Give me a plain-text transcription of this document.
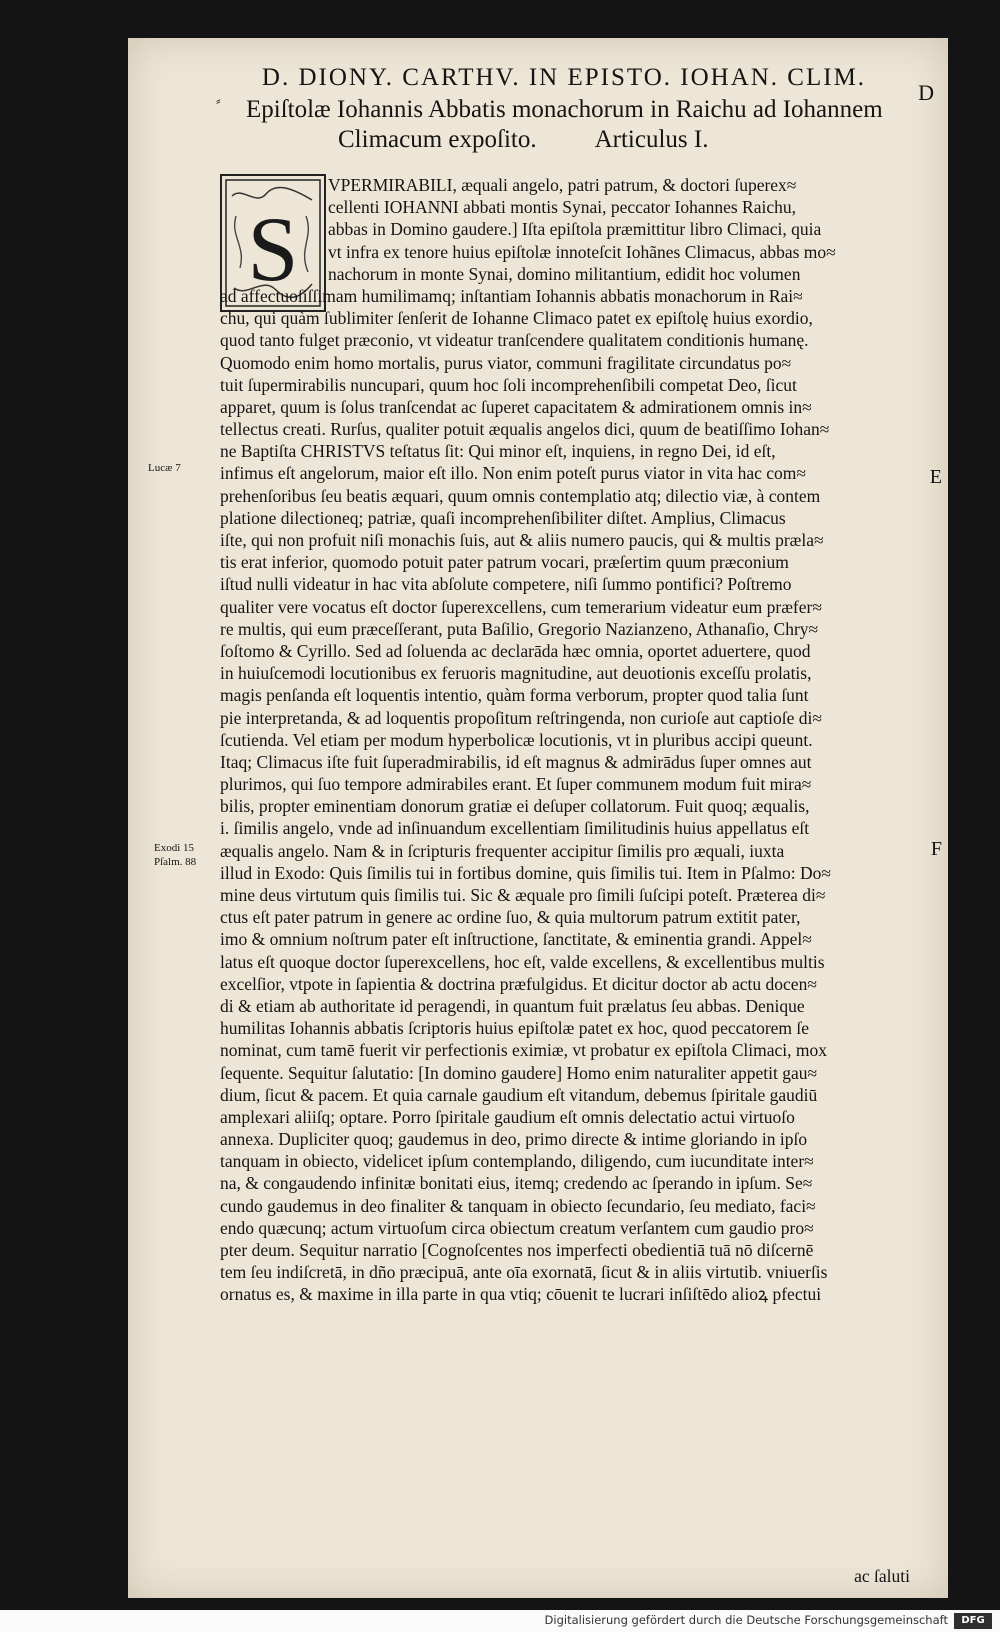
D. DIONY. CARTHV. IN EPISTO. IOHAN. CLIM.
D
⸗ Epiſtolæ Iohannis Abbatis monachorum in Raichu ad Iohannem
Climacum expoſito. Articulus I.
S
VPERMIRABILI, æquali angelo, patri patrum, & doctori ſuperex≈
cellenti IOHANNI abbati montis Synai, peccator Iohannes Raichu,
abbas in Domino gaudere.] Iſta epiſtola præmittitur libro Climaci, quia
vt infra ex tenore huius epiſtolæ innoteſcit Iohãnes Climacus, abbas mo≈
nachorum in monte Synai, domino militantium, edidit hoc volumen
ad affectuoſiſſimam humilimamq; inſtantiam Iohannis abbatis monachorum in Rai≈
chu, qui quàm ſublimiter ſenſerit de Iohanne Climaco patet ex epiſtolę huius exordio,
quod tanto fulget præconio, vt videatur tranſcendere qualitatem conditionis humanę.
Quomodo enim homo mortalis, purus viator, communi fragilitate circundatus po≈
tuit ſupermirabilis nuncupari, quum hoc ſoli incomprehenſibili competat Deo, ſicut
apparet, quum is ſolus tranſcendat ac ſuperet capacitatem & admirationem omnis in≈
tellectus creati. Rurſus, qualiter potuit æqualis angelos dici, quum de beatiſſimo Iohan≈
ne Baptiſta CHRISTVS teſtatus ſit: Qui minor eſt, inquiens, in regno Dei, id eſt,
infimus eſt angelorum, maior eſt illo. Non enim poteſt purus viator in vita hac com≈
prehenſoribus ſeu beatis æquari, quum omnis contemplatio atq; dilectio viæ, à contem
platione dilectioneq; patriæ, quaſi incomprehenſibiliter diſtet. Amplius, Climacus
iſte, qui non profuit niſi monachis ſuis, aut & aliis numero paucis, qui & multis præla≈
tis erat inferior, quomodo potuit pater patrum vocari, præſertim quum præconium
iſtud nulli videatur in hac vita abſolute competere, niſi ſummo pontifici? Poſtremo
qualiter vere vocatus eſt doctor ſuperexcellens, cum temerarium videatur eum præfer≈
re multis, qui eum præceſſerant, puta Baſilio, Gregorio Nazianzeno, Athanaſio, Chry≈
ſoſtomo & Cyrillo. Sed ad ſoluenda ac declarāda hæc omnia, oportet aduertere, quod
in huiuſcemodi locutionibus ex feruoris magnitudine, aut deuotionis exceſſu prolatis,
magis penſanda eſt loquentis intentio, quàm forma verborum, propter quod talia ſunt
pie interpretanda, & ad loquentis propoſitum reſtringenda, non curioſe aut captioſe di≈
ſcutienda. Vel etiam per modum hyperbolicæ locutionis, vt in pluribus accipi queunt.
Itaq; Climacus iſte fuit ſuperadmirabilis, id eſt magnus & admirādus ſuper omnes aut
plurimos, qui ſuo tempore admirabiles erant. Et ſuper communem modum fuit mira≈
bilis, propter eminentiam donorum gratiæ ei deſuper collatorum. Fuit quoq; æqualis,
i. ſimilis angelo, vnde ad inſinuandum excellentiam ſimilitudinis huius appellatus eſt
æqualis angelo. Nam & in ſcripturis frequenter accipitur ſimilis pro æquali, iuxta
illud in Exodo: Quis ſimilis tui in fortibus domine, quis ſimilis tui. Item in Pſalmo: Do≈
mine deus virtutum quis ſimilis tui. Sic & æquale pro ſimili ſuſcipi poteſt. Præterea di≈
ctus eſt pater patrum in genere ac ordine ſuo, & quia multorum patrum extitit pater,
imo & omnium noſtrum pater eſt inſtructione, ſanctitate, & eminentia grandi. Appel≈
latus eſt quoque doctor ſuperexcellens, hoc eſt, valde excellens, & excellentibus multis
excelſior, vtpote in ſapientia & doctrina præfulgidus. Et dicitur doctor ab actu docen≈
di & etiam ab authoritate id peragendi, in quantum fuit prælatus ſeu abbas. Denique
humilitas Iohannis abbatis ſcriptoris huius epiſtolæ patet ex hoc, quod peccatorem ſe
nominat, cum tamē fuerit vir perfectionis eximiæ, vt probatur ex epiſtola Climaci, mox
ſequente. Sequitur ſalutatio: [In domino gaudere] Homo enim naturaliter appetit gau≈
dium, ſicut & pacem. Et quia carnale gaudium eſt vitandum, debemus ſpiritale gaudiū
amplexari aliiſq; optare. Porro ſpiritale gaudium eſt omnis delectatio actui virtuoſo
annexa. Dupliciter quoq; gaudemus in deo, primo directe & intime gloriando in ipſo
tanquam in obiecto, videlicet ipſum contemplando, diligendo, cum iucunditate inter≈
na, & congaudendo infinitæ bonitati eius, itemq; credendo ac ſperando in ipſum. Se≈
cundo gaudemus in deo finaliter & tanquam in obiecto ſecundario, ſeu mediato, faci≈
endo quæcunq; actum virtuoſum circa obiectum creatum verſantem cum gaudio pro≈
pter deum. Sequitur narratio [Cognoſcentes nos imperfecti obedientiā tuā nō diſcernē
tem ſeu indiſcretā, in dño præcipuā, ante oīa exornatā, ſicut & in aliis virtutib. vniuerſis
ornatus es, & maxime in illa parte in qua vtiq; cōuenit te lucrari inſiſtēdo alioꝝ pfectui
Lucæ 7
Exodi 15
Pſalm. 88
E
F
ac ſaluti
Digitalisierung gefördert durch die Deutsche Forschungsgemeinschaft	DFG
